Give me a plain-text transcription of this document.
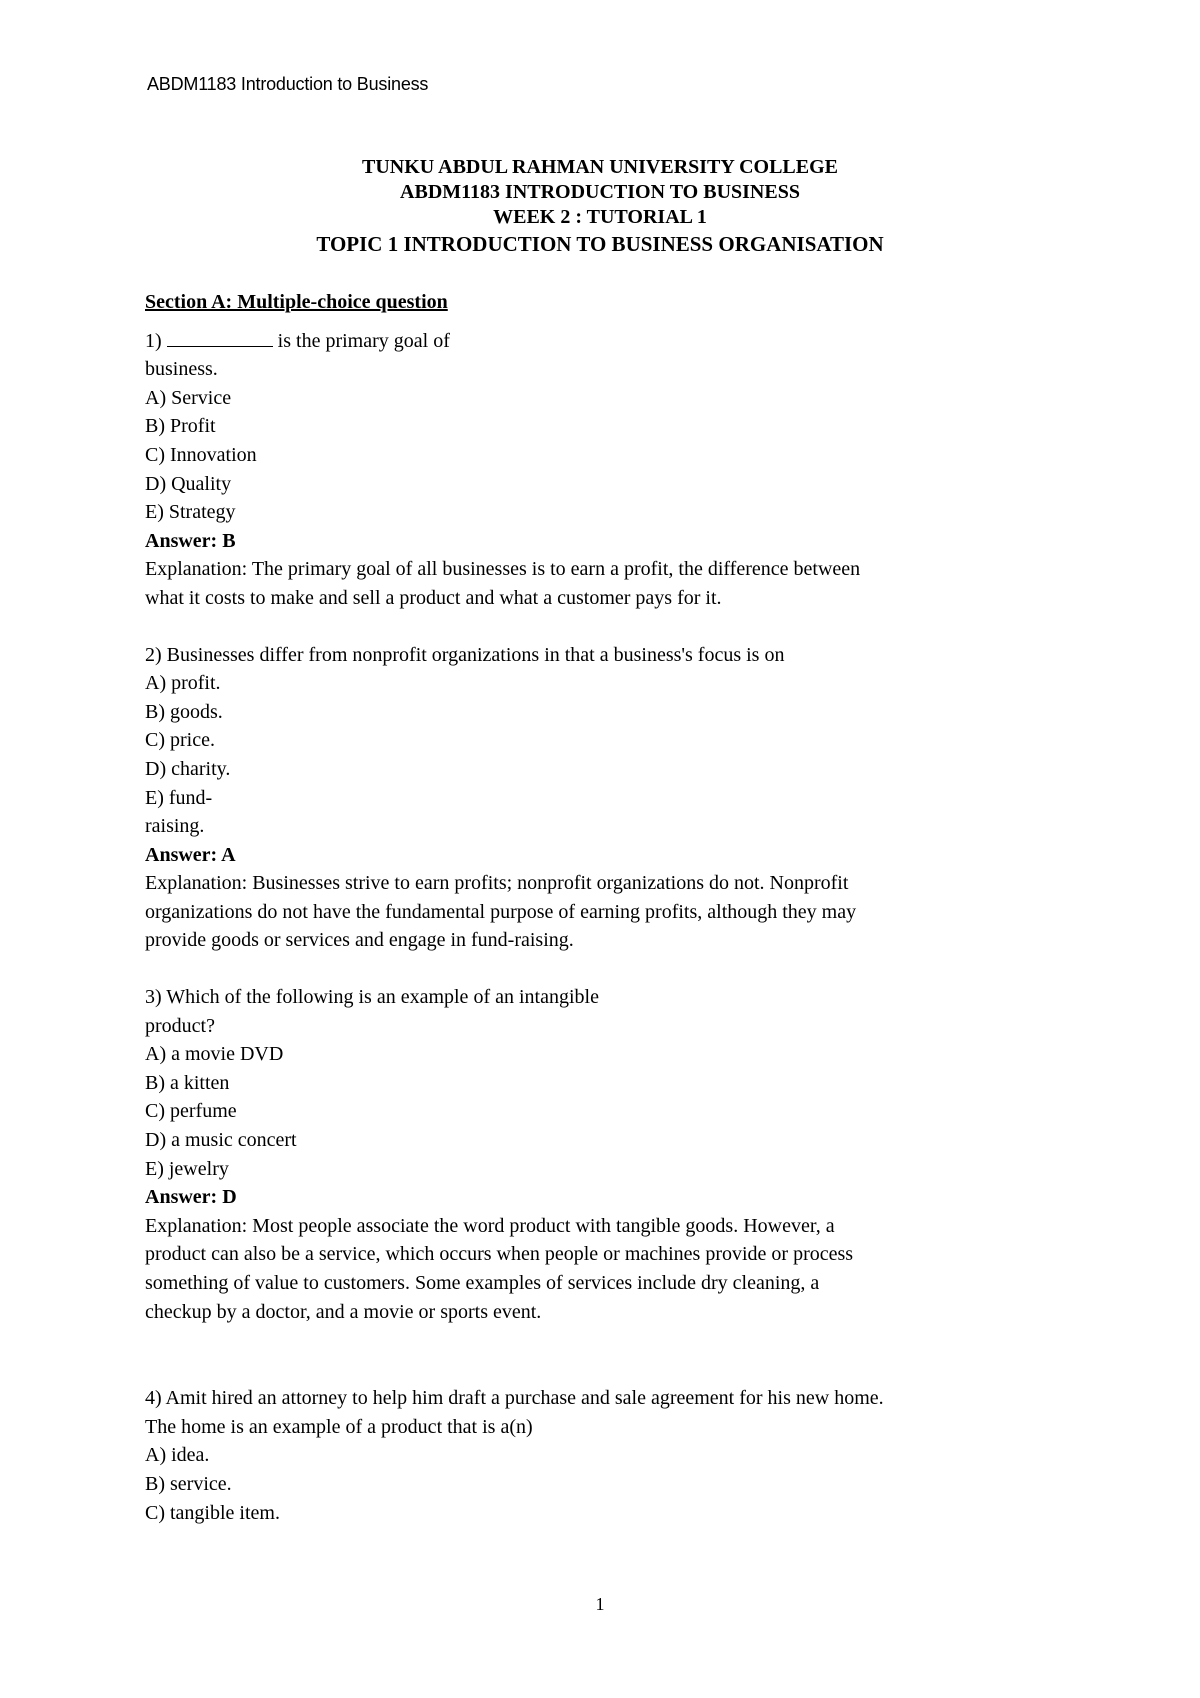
ABDM1183 Introduction to Business
TUNKU ABDUL RAHMAN UNIVERSITY COLLEGE
ABDM1183 INTRODUCTION TO BUSINESS
WEEK 2 : TUTORIAL 1
TOPIC 1 INTRODUCTION TO BUSINESS ORGANISATION
Section A: Multiple-choice question
1)	is the primary goal of
business.
A) Service
B) Profit
C) Innovation
D) Quality
E) Strategy
Answer: B
Explanation: The primary goal of all businesses is to earn a profit, the difference between
what it costs to make and sell a product and what a customer pays for it.
2) Businesses differ from nonprofit organizations in that a business's focus is on
A) profit.
B) goods.
C) price.
D) charity.
E) fund-
raising.
Answer: A
Explanation: Businesses strive to earn profits; nonprofit organizations do not. Nonprofit
organizations do not have the fundamental purpose of earning profits, although they may
provide goods or services and engage in fund-raising.
3) Which of the following is an example of an intangible
product?
A) a movie DVD
B) a kitten
C) perfume
D) a music concert
E) jewelry
Answer: D
Explanation: Most people associate the word product with tangible goods. However, a
product can also be a service, which occurs when people or machines provide or process
something of value to customers. Some examples of services include dry cleaning, a
checkup by a doctor, and a movie or sports event.
4) Amit hired an attorney to help him draft a purchase and sale agreement for his new home.
The home is an example of a product that is a(n)
A) idea.
B) service.
C) tangible item.
1
